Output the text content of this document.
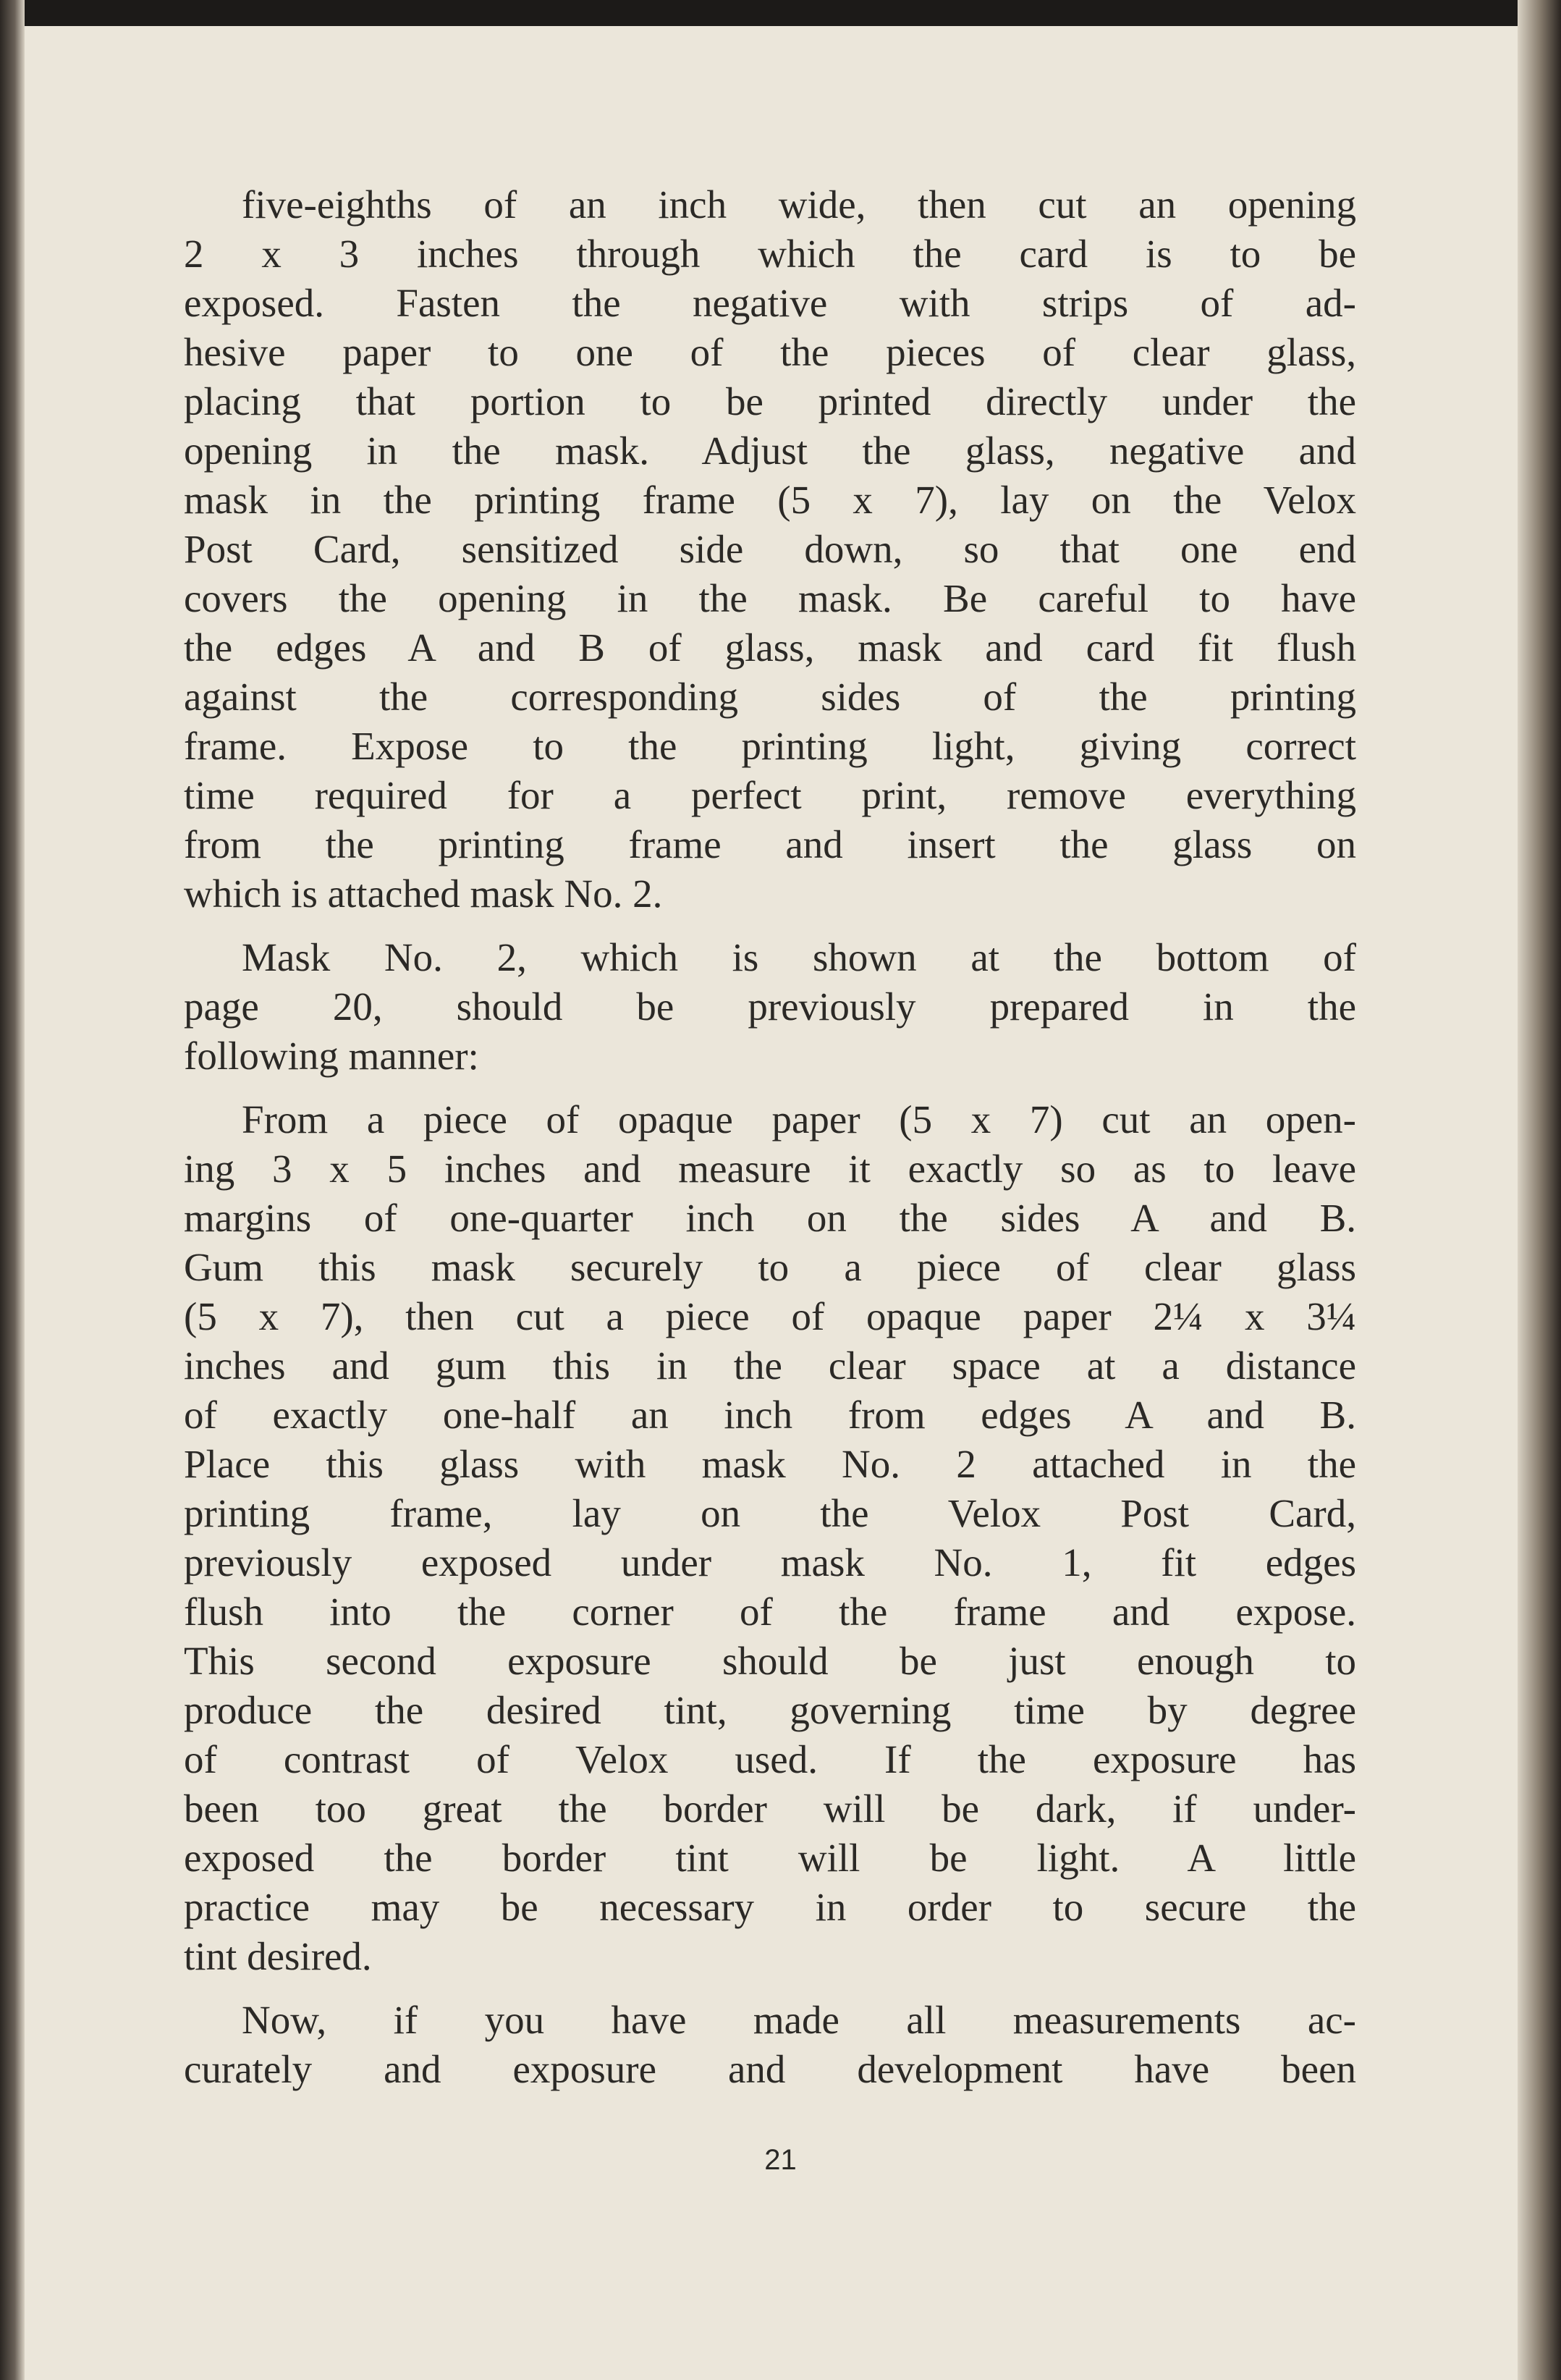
five-eighths of an inch wide, then cut an opening
2 x 3 inches through which the card is to be
exposed. Fasten the negative with strips of ad-
hesive paper to one of the pieces of clear glass,
placing that portion to be printed directly under the
opening in the mask. Adjust the glass, negative and
mask in the printing frame (5 x 7), lay on the Velox
Post Card, sensitized side down, so that one end
covers the opening in the mask. Be careful to have
the edges A and B of glass, mask and card fit flush
against the corresponding sides of the printing
frame. Expose to the printing light, giving correct
time required for a perfect print, remove everything
from the printing frame and insert the glass on
which is attached mask No. 2.
Mask No. 2, which is shown at the bottom of
page 20, should be previously prepared in the
following manner:
From a piece of opaque paper (5 x 7) cut an open-
ing 3 x 5 inches and measure it exactly so as to leave
margins of one-quarter inch on the sides A and B.
Gum this mask securely to a piece of clear glass
(5 x 7), then cut a piece of opaque paper 2¼ x 3¼
inches and gum this in the clear space at a distance
of exactly one-half an inch from edges A and B.
Place this glass with mask No. 2 attached in the
printing frame, lay on the Velox Post Card,
previously exposed under mask No. 1, fit edges
flush into the corner of the frame and expose.
This second exposure should be just enough to
produce the desired tint, governing time by degree
of contrast of Velox used. If the exposure has
been too great the border will be dark, if under-
exposed the border tint will be light. A little
practice may be necessary in order to secure the
tint desired.
Now, if you have made all measurements ac-
curately and exposure and development have been
21
